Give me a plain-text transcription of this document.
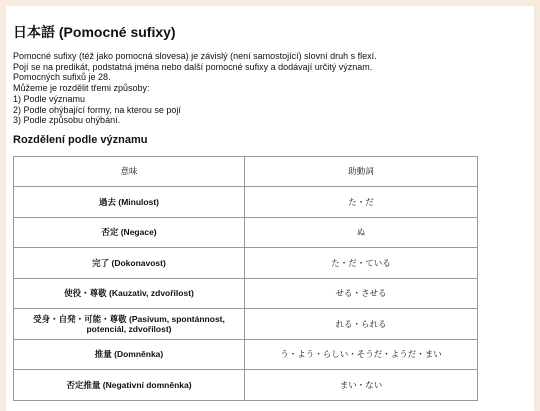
日本語 (Pomocné sufixy)
Pomocné sufixy (též jako pomocná slovesa) je závislý (není samostojící) slovní druh s flexí.
Pojí se na predikát, podstatná jména nebo další pomocné sufixy a dodávají určitý význam.
Pomocných sufixů je 28.
Můžeme je rozdělit třemi způsoby:
1) Podle významu
2) Podle ohýbající formy, na kterou se pojí
3) Podle způsobu ohýbání.
Rozdělení podle významu
意味	助動詞
過去 (Minulost)	た・だ
否定 (Negace)	ぬ
完了 (Dokonavost)	た・だ・ている
使役・尊敬 (Kauzativ, zdvořilost)	せる・させる
受身・自発・可能・尊敬 (Pasivum, spontánnost, potenciál, zdvořilost)	れる・られる
推量 (Domněnka)	う・よう・らしい・そうだ・ようだ・まい
否定推量 (Negativní domněnka)	まい・ない
